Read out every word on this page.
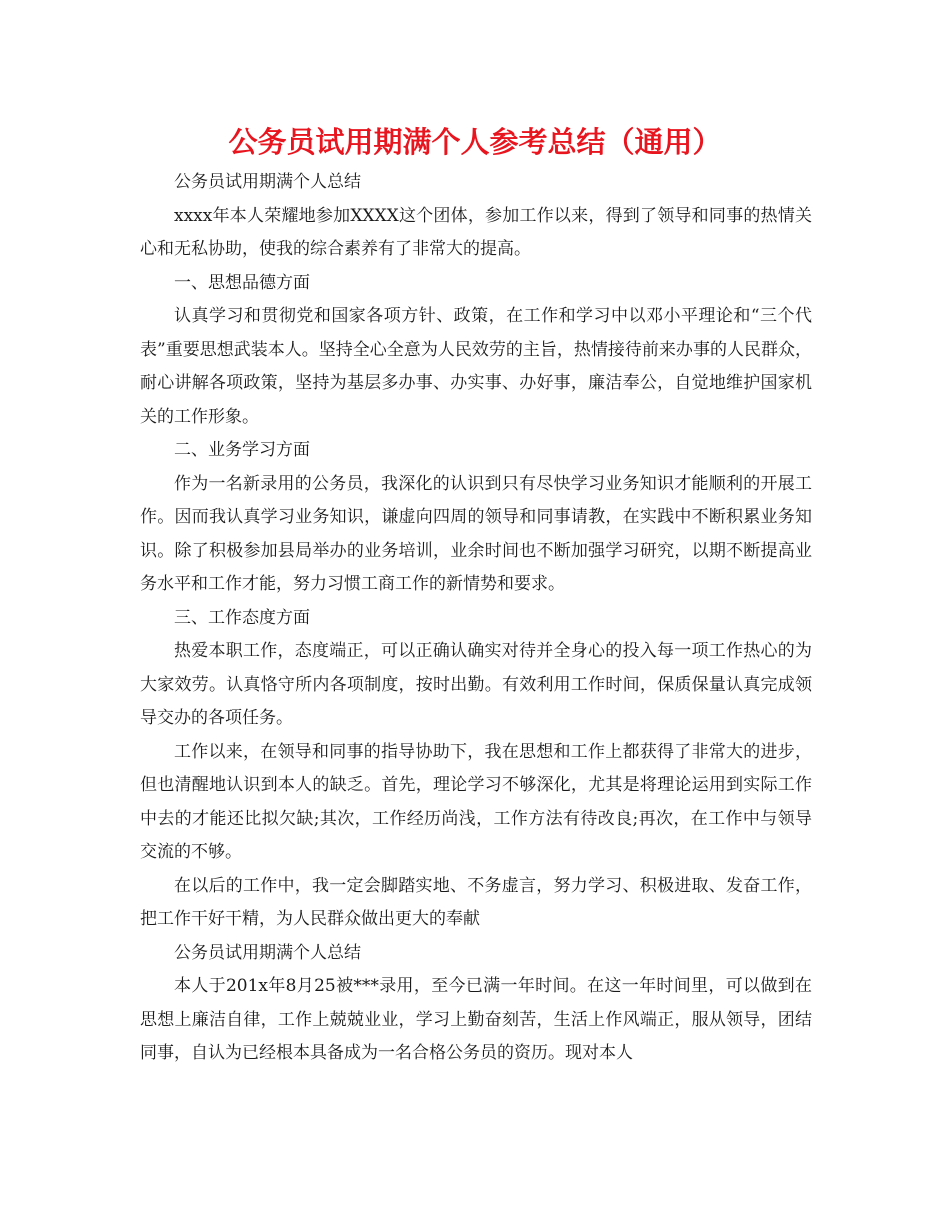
公务员试用期满个人参考总结（通用）

公务员试用期满个人总结

xxxx年本人荣耀地参加XXXX这个团体，参加工作以来，得到了领导和同事的热情关心和无私协助，使我的综合素养有了非常大的提高。

一、思想品德方面

认真学习和贯彻党和国家各项方针、政策，在工作和学习中以邓小平理论和“三个代表”重要思想武装本人。坚持全心全意为人民效劳的主旨，热情接待前来办事的人民群众，耐心讲解各项政策，坚持为基层多办事、办实事、办好事，廉洁奉公，自觉地维护国家机关的工作形象。

二、业务学习方面

作为一名新录用的公务员，我深化的认识到只有尽快学习业务知识才能顺利的开展工作。因而我认真学习业务知识，谦虚向四周的领导和同事请教，在实践中不断积累业务知识。除了积极参加县局举办的业务培训，业余时间也不断加强学习研究，以期不断提高业务水平和工作才能，努力习惯工商工作的新情势和要求。

三、工作态度方面

热爱本职工作，态度端正，可以正确认确实对待并全身心的投入每一项工作热心的为大家效劳。认真恪守所内各项制度，按时出勤。有效利用工作时间，保质保量认真完成领导交办的各项任务。

工作以来，在领导和同事的指导协助下，我在思想和工作上都获得了非常大的进步，但也清醒地认识到本人的缺乏。首先，理论学习不够深化，尤其是将理论运用到实际工作中去的才能还比拟欠缺;其次，工作经历尚浅，工作方法有待改良;再次，在工作中与领导交流的不够。

在以后的工作中，我一定会脚踏实地、不务虚言，努力学习、积极进取、发奋工作，把工作干好干精，为人民群众做出更大的奉献

公务员试用期满个人总结

本人于201x年8月25被***录用，至今已满一年时间。在这一年时间里，可以做到在思想上廉洁自律，工作上兢兢业业，学习上勤奋刻苦，生活上作风端正，服从领导，团结同事，自认为已经根本具备成为一名合格公务员的资历。现对本人
